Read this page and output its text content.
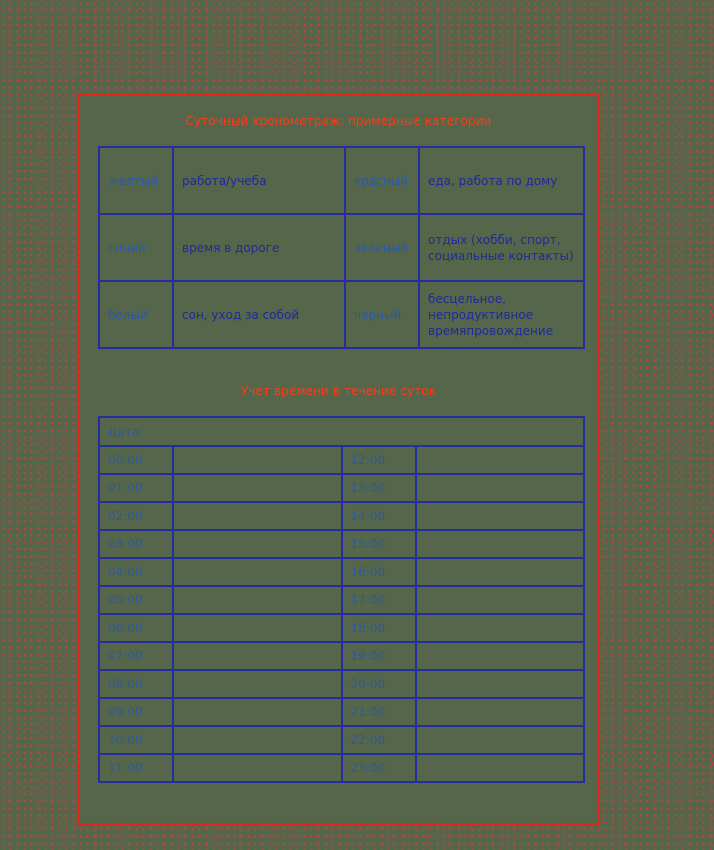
Суточный хронометраж: примерные категории
желтый	работа/учеба	красный	еда, работа по дому
синий	время в дороге	зеленый	отдых (хобби, спорт, социальные контакты)
белый	сон, уход за собой	черный	бесцельное, непродуктивное времяпровождение
Учет времени в течение суток
Дата:			
00:00		12:00	
01:00		13:00	
02:00		14:00	
03:00		15:00	
04:00		16:00	
05:00		17:00	
06:00		18:00	
07:00		19:00	
08:00		20:00	
09:00		21:00	
10:00		22:00	
11:00		23:00	
